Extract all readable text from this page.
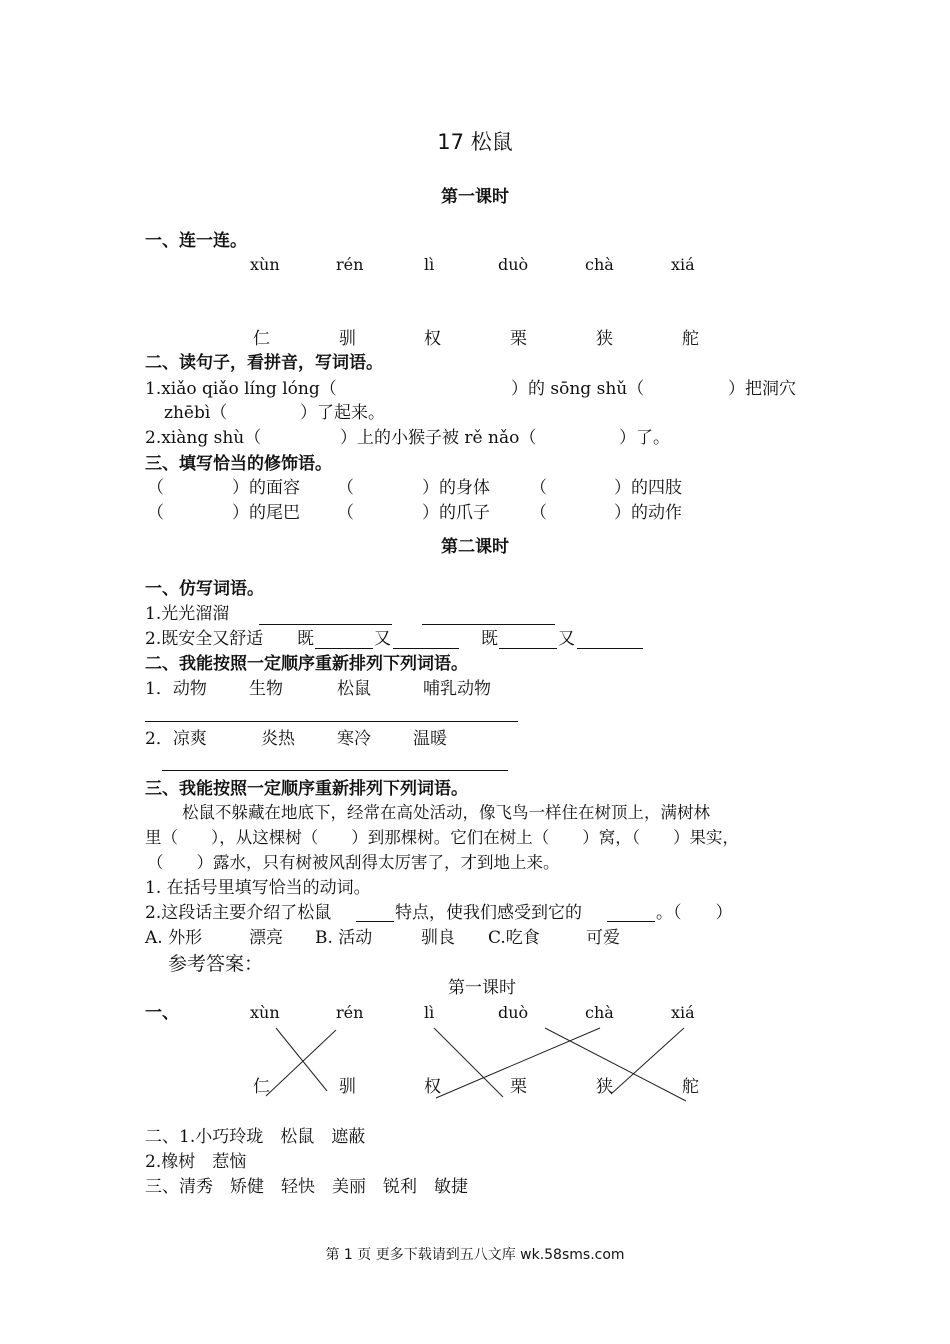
17 松鼠
第一课时
一、连一连。
xùn	rén	lì	duò	chà	xiá
仁	驯	权	栗	狭	舵
二、读句子，看拼音，写词语。
1.xiǎo qiǎo líng lóng（	）的 sōng shǔ（	）把洞穴
zhēbì（	）了起来。
2.xiàng shù（	）上的小猴子被 rě nǎo（	）了。
三、填写恰当的修饰语。
（	）的面容 （	）的身体 （	）的四肢
（	）的尾巴 （	）的爪子 （	）的动作
第二课时
一、仿写词语。
1.光光溜溜
2.既安全又舒适 既	又	既	又
二、我能按照一定顺序重新排列下列词语。
1．动物 生物	松鼠	哺乳动物
2．凉爽	炎热 寒冷 温暖
三、我能按照一定顺序重新排列下列词语。
松鼠不躲藏在地底下，经常在高处活动，像飞鸟一样住在树顶上，满树林
里（　　），从这棵树（　　）到那棵树。它们在树上（　　）窝，（　　）果实，
（　　）露水，只有树被风刮得太厉害了，才到地上来。
1. 在括号里填写恰当的动词。
2.这段话主要介绍了松鼠	特点，使我们感受到它的	。（　　）
A. 外形	漂亮 B. 活动	驯良 C.吃食	可爱
参考答案：
第一课时
一、	xùn	rén	lì	duò	chà	xiá
仁	驯	权	栗	狭	舵
二、1.小巧玲珑　松鼠　遮蔽
2.橡树　惹恼
三、清秀　矫健　轻快　美丽　锐利　敏捷
第 1 页 更多下载请到五八文库 wk.58sms.com
